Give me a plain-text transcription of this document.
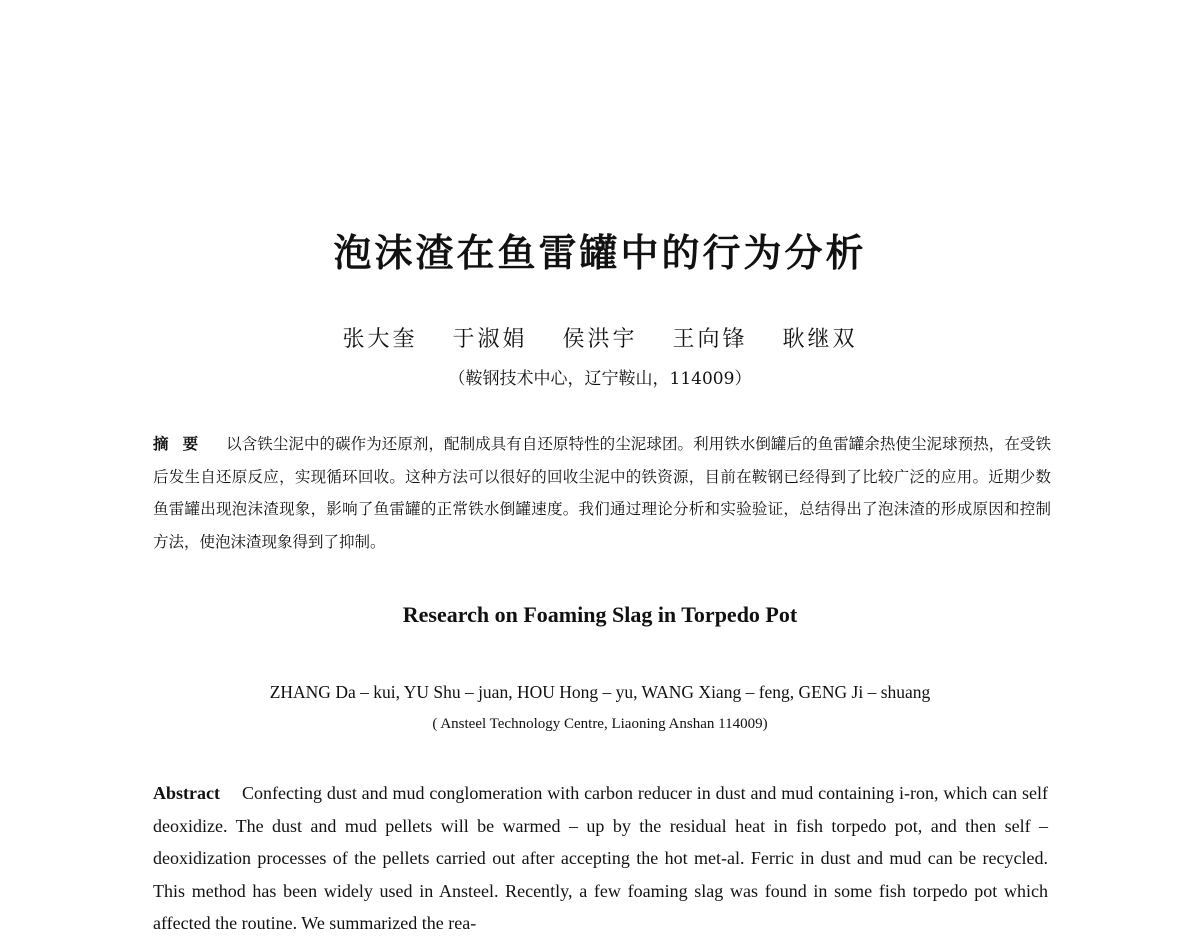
泡沫渣在鱼雷罐中的行为分析

张大奎 于淑娟 侯洪宇 王向锋 耿继双

（鞍钢技术中心，辽宁鞍山，114009）

摘要 以含铁尘泥中的碳作为还原剂，配制成具有自还原特性的尘泥球团。利用铁水倒罐后的鱼雷罐余热使尘泥球预热，在受铁后发生自还原反应，实现循环回收。这种方法可以很好的回收尘泥中的铁资源，目前在鞍钢已经得到了比较广泛的应用。近期少数鱼雷罐出现泡沫渣现象，影响了鱼雷罐的正常铁水倒罐速度。我们通过理论分析和实验验证，总结得出了泡沫渣的形成原因和控制方法，使泡沫渣现象得到了抑制。

Research on Foaming Slag in Torpedo Pot

ZHANG Da – kui, YU Shu – juan, HOU Hong – yu, WANG Xiang – feng, GENG Ji – shuang

( Ansteel Technology Centre, Liaoning Anshan 114009)

Abstract Confecting dust and mud conglomeration with carbon reducer in dust and mud containing i-ron, which can self deoxidize. The dust and mud pellets will be warmed – up by the residual heat in fish torpedo pot, and then self – deoxidization processes of the pellets carried out after accepting the hot met-al. Ferric in dust and mud can be recycled. This method has been widely used in Ansteel. Recently, a few foaming slag was found in some fish torpedo pot which affected the routine. We summarized the rea-
